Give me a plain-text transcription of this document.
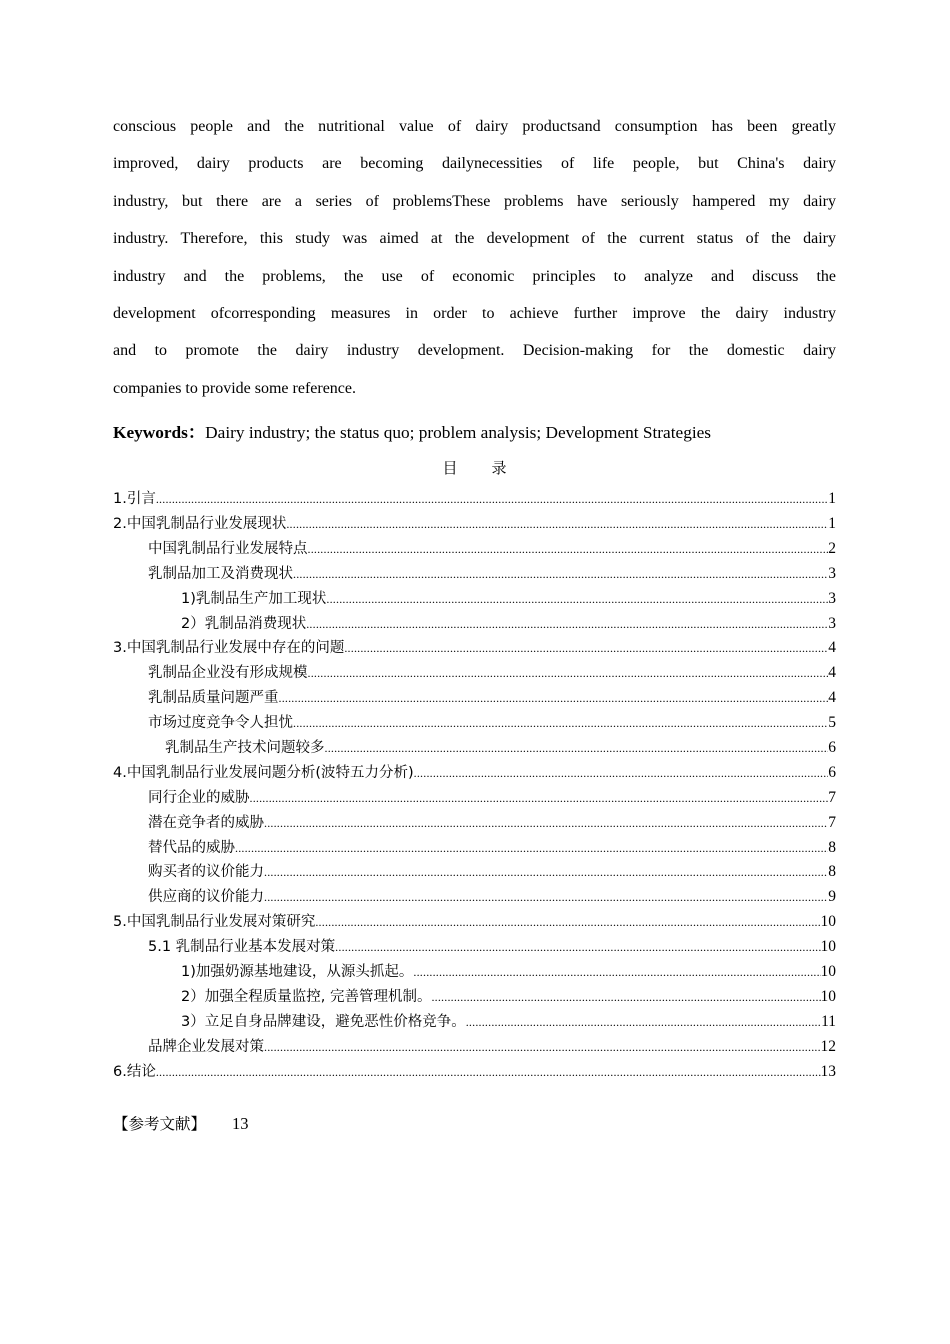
conscious people and the nutritional value of dairy productsand consumption has been greatly
improved, dairy products are becoming dailynecessities of life people, but China's dairy
industry, but there are a series of problemsThese problems have seriously hampered my dairy
industry. Therefore, this study was aimed at the development of the current status of the dairy
industry and the problems, the use of economic principles to analyze and discuss the
development ofcorresponding measures in order to achieve further improve the dairy industry
and to promote the dairy industry development. Decision-making for the domestic dairy
companies to provide some reference.
Keywords：Dairy industry; the status quo; problem analysis; Development Strategies
目 录
1.引言 .....	1
2.中国乳制品行业发展现状 .....	1
中国乳制品行业发展特点 .....	2
乳制品加工及消费现状 .....	3
1)乳制品生产加工现状 .....	3
2）乳制品消费现状 .....	3
3.中国乳制品行业发展中存在的问题 .....	4
乳制品企业没有形成规模 .....	4
乳制品质量问题严重 .....	4
市场过度竞争令人担忧 .....	5
乳制品生产技术问题较多 .....	6
4.中国乳制品行业发展问题分析(波特五力分析) .....	6
同行企业的威胁 .....	7
潜在竞争者的威胁 .....	7
替代品的威胁 .....	8
购买者的议价能力 .....	8
供应商的议价能力 .....	9
5.中国乳制品行业发展对策研究 .....	10
5.1 乳制品行业基本发展对策 .....	10
1)加强奶源基地建设，从源头抓起。 .....	10
2）加强全程质量监控, 完善管理机制。 .....	10
3）立足自身品牌建设，避免恶性价格竞争。 .....	11
品牌企业发展对策 .....	12
6.结论 .....	13
【参考文献】 13
